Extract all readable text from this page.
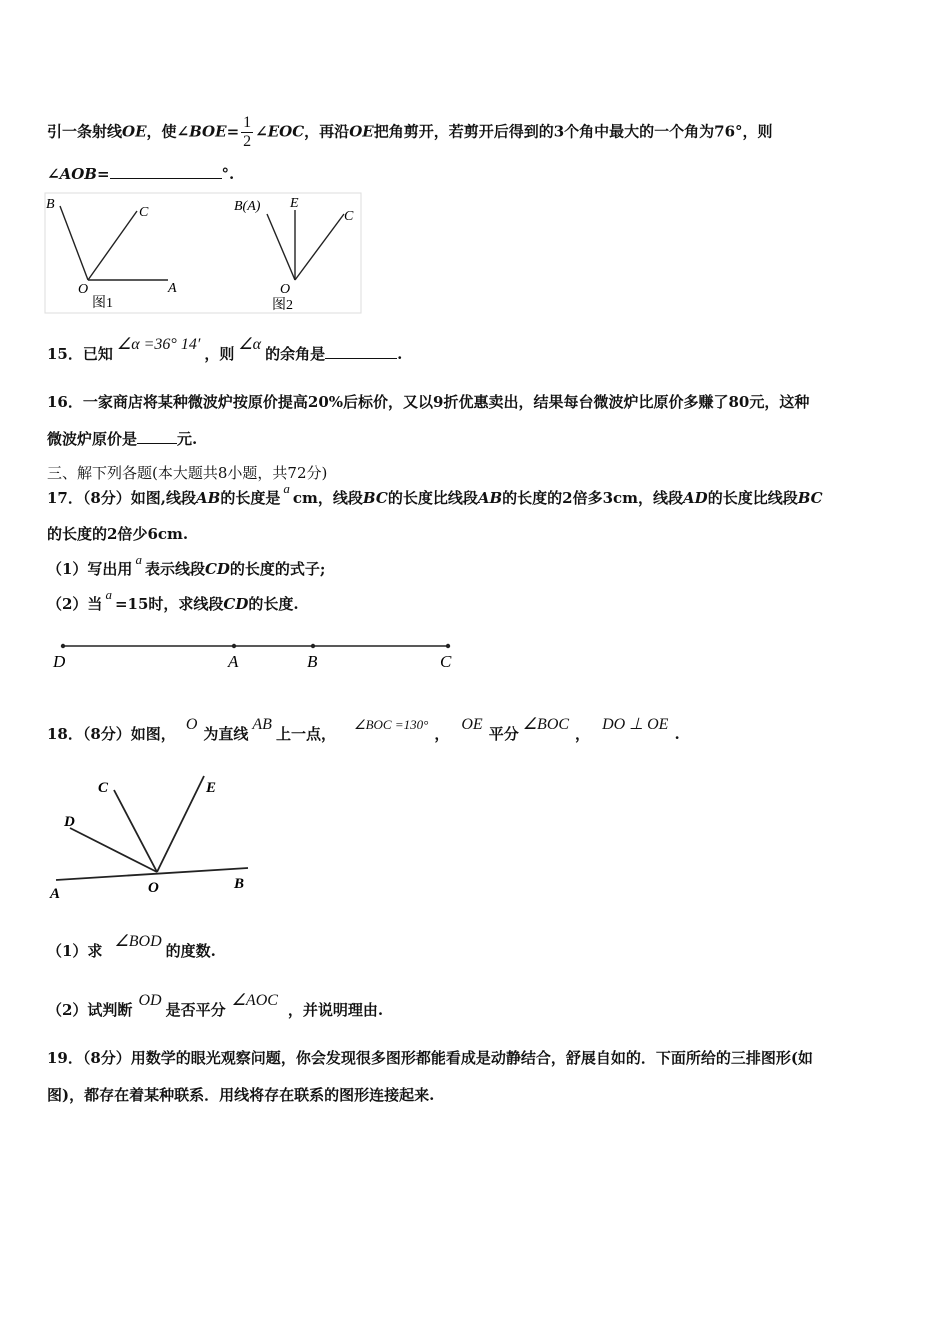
引一条射线OE，使∠BOE= $\frac{1}{2}$ ∠EOC，再沿OE把角剪开，若剪开后得到的3个角中最大的一个角为76°，则
∠AOB=	°.
B
C
O	A
图1
B(A) E
C
O
图2
15．已知∠α =36° 14′，则∠α的余角是	.
16．一家商店将某种微波炉按原价提高20%后标价，又以9折优惠卖出，结果每台微波炉比原价多赚了80元，这种
微波炉原价是	元.
三、解下列各题(本大题共8小题，共72分)
17．（8分）如图,线段AB的长度是acm，线段BC的长度比线段AB的长度的2倍多3cm，线段AD的长度比线段BC
的长度的2倍少6cm.
（1）写出用a表示线段CD的长度的式子;
（2）当a=15时，求线段CD的长度.
D	A	B	C
18．（8分）如图，O为直线AB上一点，∠BOC =130°，OE平分∠BOC，DO ⊥ OE.
C	E
D
A	O	B
（1）求∠BOD的度数.
（2）试判断OD是否平分∠AOC，并说明理由.
19．（8分）用数学的眼光观察问题，你会发现很多图形都能看成是动静结合，舒展自如的．下面所给的三排图形(如
图)，都存在着某种联系．用线将存在联系的图形连接起来.
